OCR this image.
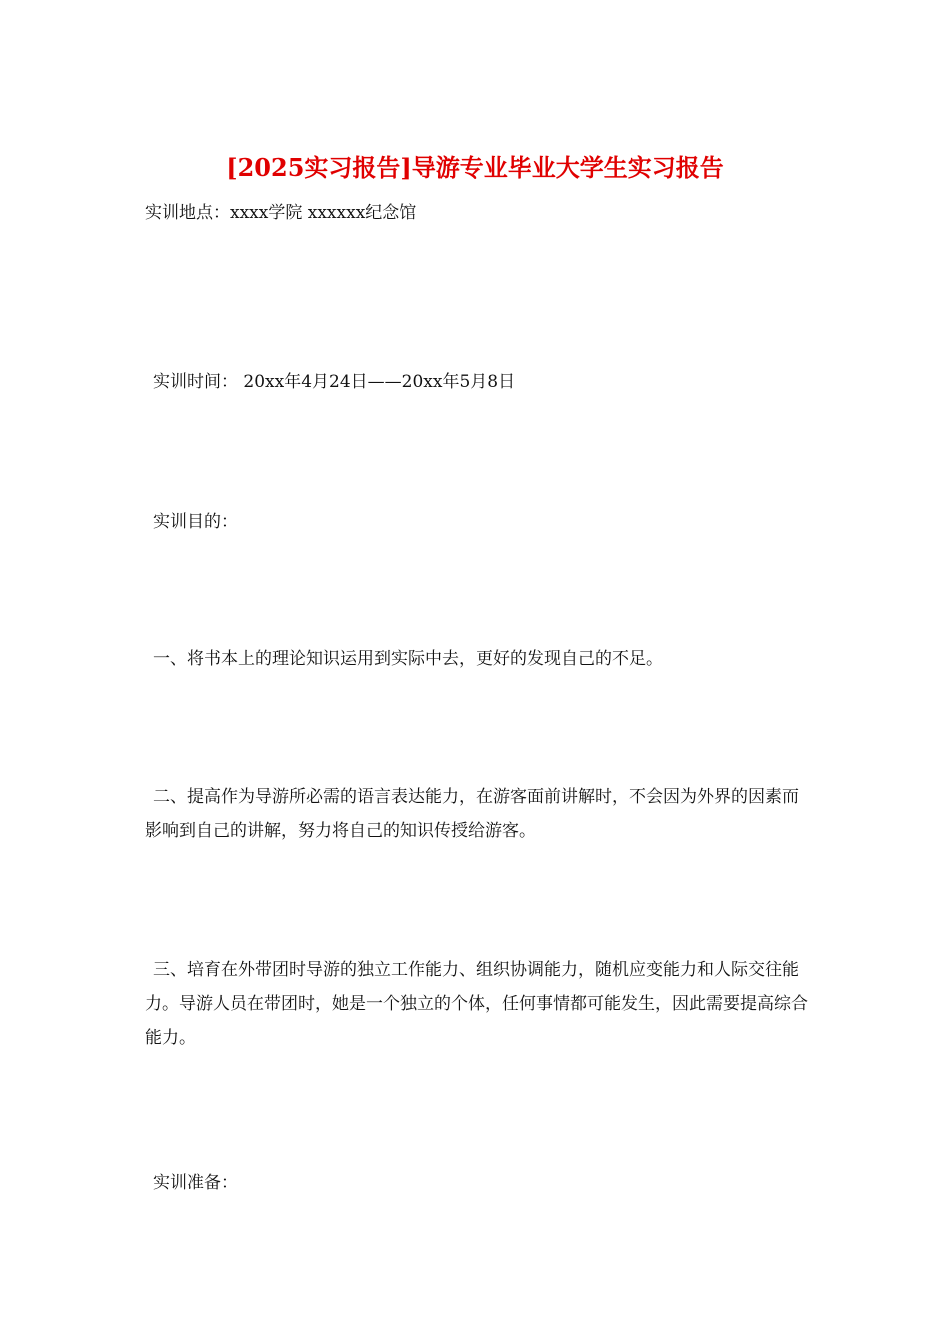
[2025实习报告]导游专业毕业大学生实习报告
实训地点：xxxx学院 xxxxxx纪念馆
实训时间： 20xx年4月24日——20xx年5月8日
实训目的：
一、将书本上的理论知识运用到实际中去，更好的发现自己的不足。
二、提高作为导游所必需的语言表达能力，在游客面前讲解时，不会因为外界的因素而影响到自己的讲解，努力将自己的知识传授给游客。
三、培育在外带团时导游的独立工作能力、组织协调能力，随机应变能力和人际交往能力。导游人员在带团时，她是一个独立的个体，任何事情都可能发生，因此需要提高综合能力。
实训准备：
